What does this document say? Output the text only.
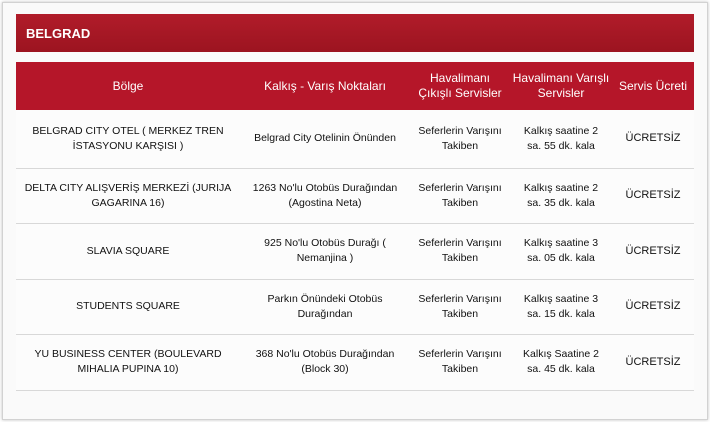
BELGRAD
Bölge	Kalkış - Varış Noktaları	Havalimanı Çıkışlı Servisler	Havalimanı Varışlı Servisler	Servis Ücreti
BELGRAD CITY OTEL ( MERKEZ TREN İSTASYONU KARŞISI )	Belgrad City Otelinin Önünden	Seferlerin Varışını Takiben	Kalkış saatine 2 sa. 55 dk. kala	ÜCRETSİZ
DELTA CITY ALIŞVERİŞ MERKEZİ (JURIJA GAGARINA 16)	1263 No'lu Otobüs Durağından (Agostina Neta)	Seferlerin Varışını Takiben	Kalkış saatine 2 sa. 35 dk. kala	ÜCRETSİZ
SLAVIA SQUARE	925 No'lu Otobüs Durağı ( Nemanjina )	Seferlerin Varışını Takiben	Kalkış saatine 3 sa. 05 dk. kala	ÜCRETSİZ
STUDENTS SQUARE	Parkın Önündeki Otobüs Durağından	Seferlerin Varışını Takiben	Kalkış saatine 3 sa. 15 dk. kala	ÜCRETSİZ
YU BUSINESS CENTER (BOULEVARD MIHALIA PUPINA 10)	368 No'lu Otobüs Durağından (Block 30)	Seferlerin Varışını Takiben	Kalkış Saatine 2 sa. 45 dk. kala	ÜCRETSİZ
